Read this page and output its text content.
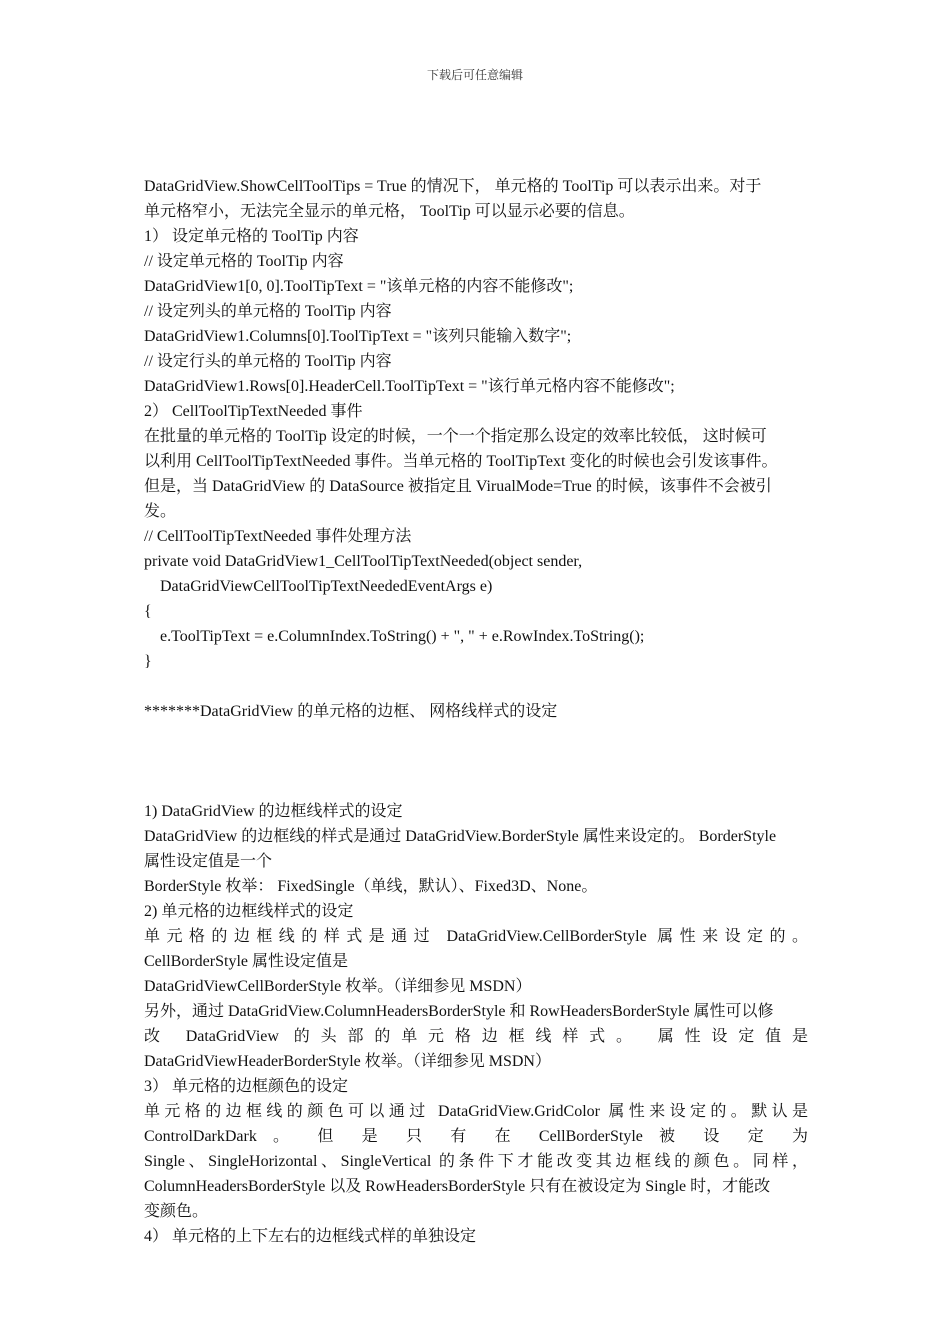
下载后可任意编辑
DataGridView.ShowCellToolTips = True 的情况下， 单元格的 ToolTip 可以表示出来。对于
单元格窄小，无法完全显示的单元格， ToolTip 可以显示必要的信息。
1） 设定单元格的 ToolTip 内容
// 设定单元格的 ToolTip 内容
DataGridView1[0, 0].ToolTipText = "该单元格的内容不能修改";
// 设定列头的单元格的 ToolTip 内容
DataGridView1.Columns[0].ToolTipText = "该列只能输入数字";
// 设定行头的单元格的 ToolTip 内容
DataGridView1.Rows[0].HeaderCell.ToolTipText = "该行单元格内容不能修改";
2） CellToolTipTextNeeded 事件
在批量的单元格的 ToolTip 设定的时候，一个一个指定那么设定的效率比较低， 这时候可
以利用 CellToolTipTextNeeded 事件。当单元格的 ToolTipText 变化的时候也会引发该事件。
但是，当 DataGridView 的 DataSource 被指定且 VirualMode=True 的时候，该事件不会被引
发。
// CellToolTipTextNeeded 事件处理方法
private void DataGridView1_CellToolTipTextNeeded(object sender,
DataGridViewCellToolTipTextNeededEventArgs e)
{
e.ToolTipText = e.ColumnIndex.ToString() + ", " + e.RowIndex.ToString();
}
*******DataGridView 的单元格的边框、 网格线样式的设定
1) DataGridView 的边框线样式的设定
DataGridView 的边框线的样式是通过 DataGridView.BorderStyle 属性来设定的。 BorderStyle
属性设定值是一个
BorderStyle 枚举： FixedSingle（单线，默认）、Fixed3D、None。
2) 单元格的边框线样式的设定
单元格的边框线的样式是通过 DataGridView.CellBorderStyle 属性来设定的。
CellBorderStyle 属性设定值是
DataGridViewCellBorderStyle 枚举。（详细参见 MSDN）
另外，通过 DataGridView.ColumnHeadersBorderStyle 和 RowHeadersBorderStyle 属性可以修
改 DataGridView 的头部的单元格边框线样式。 属性设定值是
DataGridViewHeaderBorderStyle 枚举。（详细参见 MSDN）
3） 单元格的边框颜色的设定
单元格的边框线的颜色可以通过 DataGridView.GridColor 属性来设定的。默认是
ControlDarkDark 。 但 是 只 有 在 CellBorderStyle 被 设 定 为
Single、SingleHorizontal、SingleVertical 的条件下才能改变其边框线的颜色。同样，
ColumnHeadersBorderStyle 以及 RowHeadersBorderStyle 只有在被设定为 Single 时，才能改
变颜色。
4） 单元格的上下左右的边框线式样的单独设定
